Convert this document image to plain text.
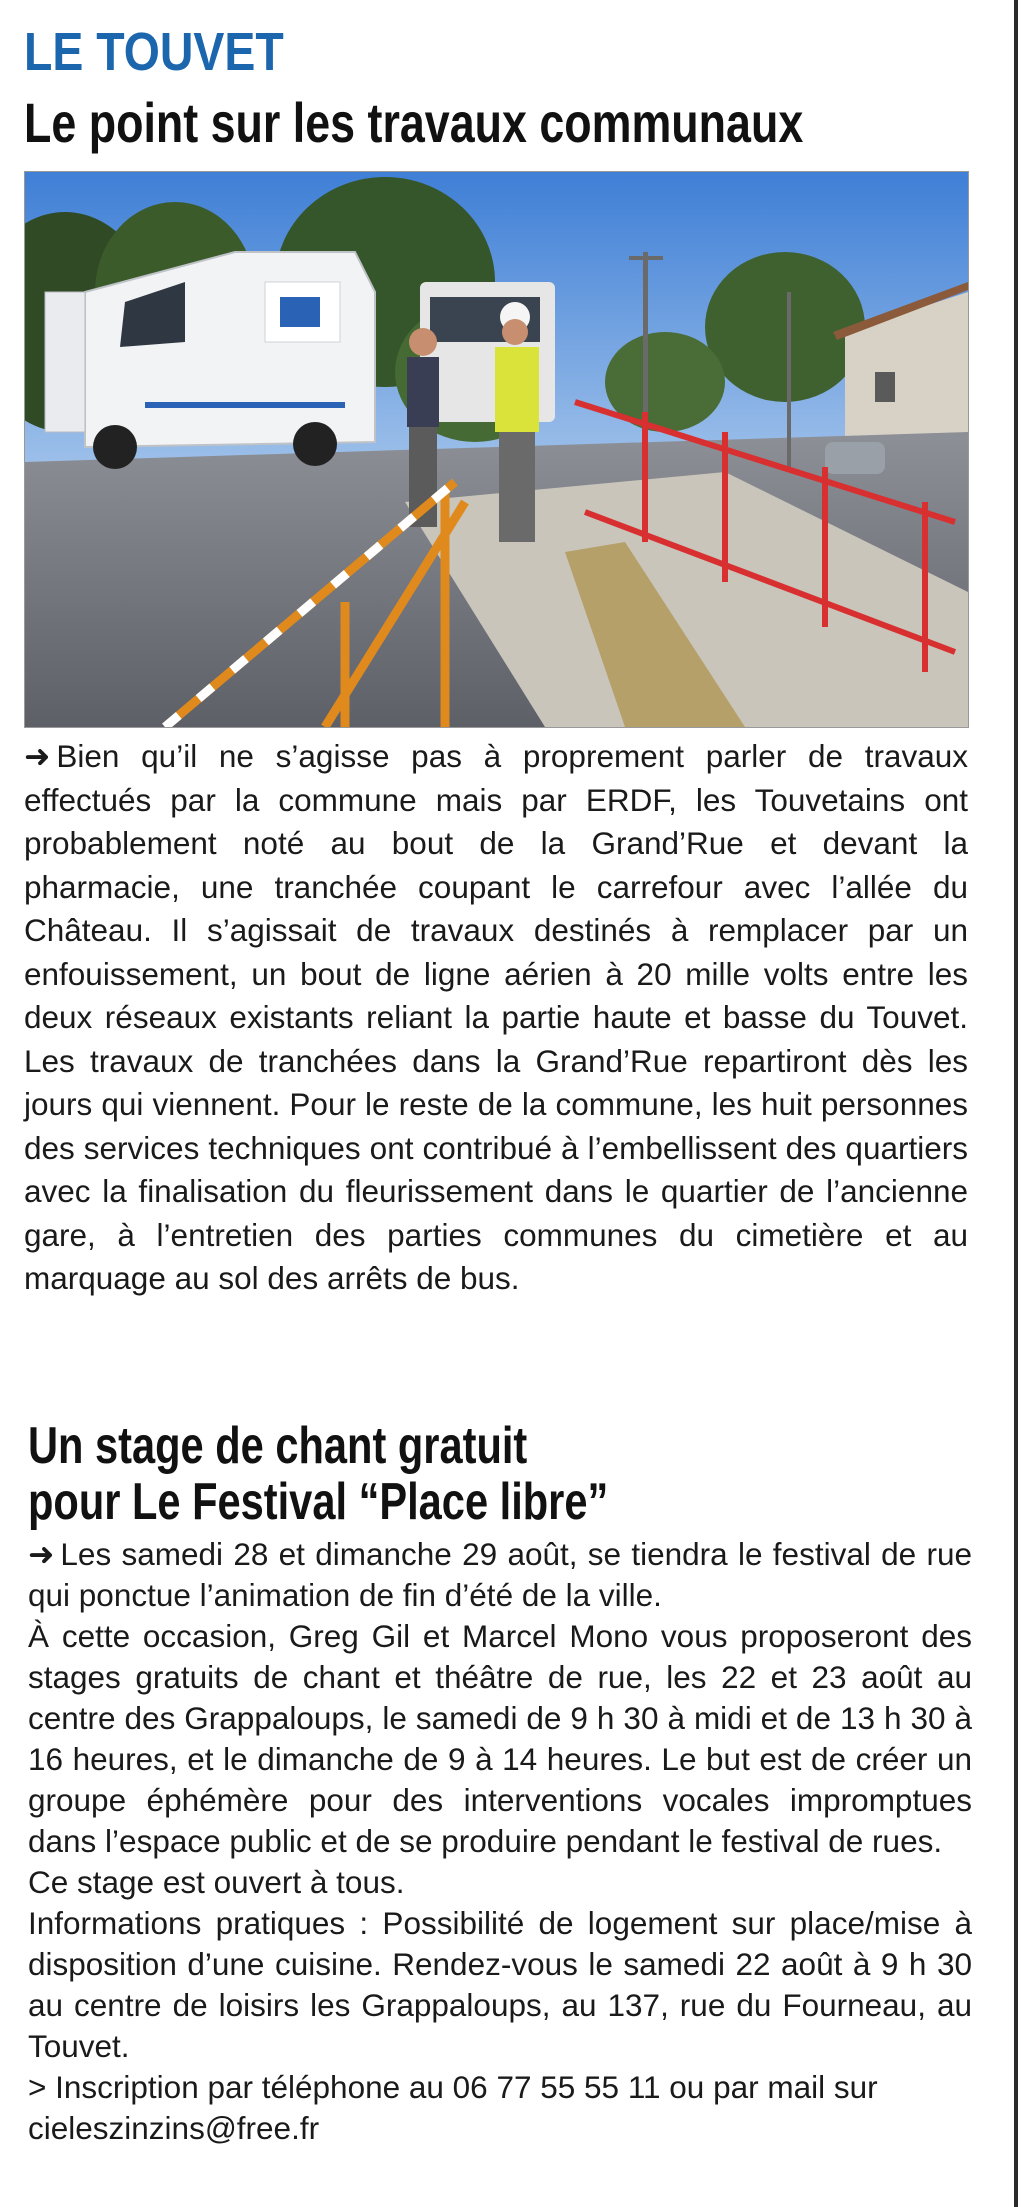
LE TOUVET
Le point sur les travaux communaux

➜ Bien qu’il ne s’agisse pas à proprement parler de travaux effectués par la commune mais par ERDF, les Touvetains ont probablement noté au bout de la Grand’Rue et devant la pharmacie, une tranchée coupant le carrefour avec l’allée du Château. Il s’agissait de travaux destinés à remplacer par un enfouissement, un bout de ligne aérien à 20 mille volts entre les deux réseaux existants reliant la partie haute et basse du Touvet. Les travaux de tranchées dans la Grand’Rue repartiront dès les jours qui viennent. Pour le reste de la commune, les huit personnes des services techniques ont contribué à l’embellissent des quartiers avec la finalisation du fleurissement dans le quartier de l’ancienne gare, à l’entretien des parties communes du cimetière et au marquage au sol des arrêts de bus.

Un stage de chant gratuit
pour Le Festival “Place libre”

➜ Les samedi 28 et dimanche 29 août, se tiendra le festival de rue qui ponctue l’animation de fin d’été de la ville.

À cette occasion, Greg Gil et Marcel Mono vous proposeront des stages gratuits de chant et théâtre de rue, les 22 et 23 août au centre des Grappaloups, le samedi de 9 h 30 à midi et de 13 h 30 à 16 heures, et le dimanche de 9 à 14 heures. Le but est de créer un groupe éphémère pour des interventions vocales impromptues dans l’espace public et de se produire pendant le festival de rues.

Ce stage est ouvert à tous.

Informations pratiques : Possibilité de logement sur place/mise à disposition d’une cuisine. Rendez-vous le samedi 22 août à 9 h 30 au centre de loisirs les Grappaloups, au 137, rue du Fourneau, au Touvet.

> Inscription par téléphone au 06 77 55 55 11 ou par mail sur cieleszinzins@free.fr
